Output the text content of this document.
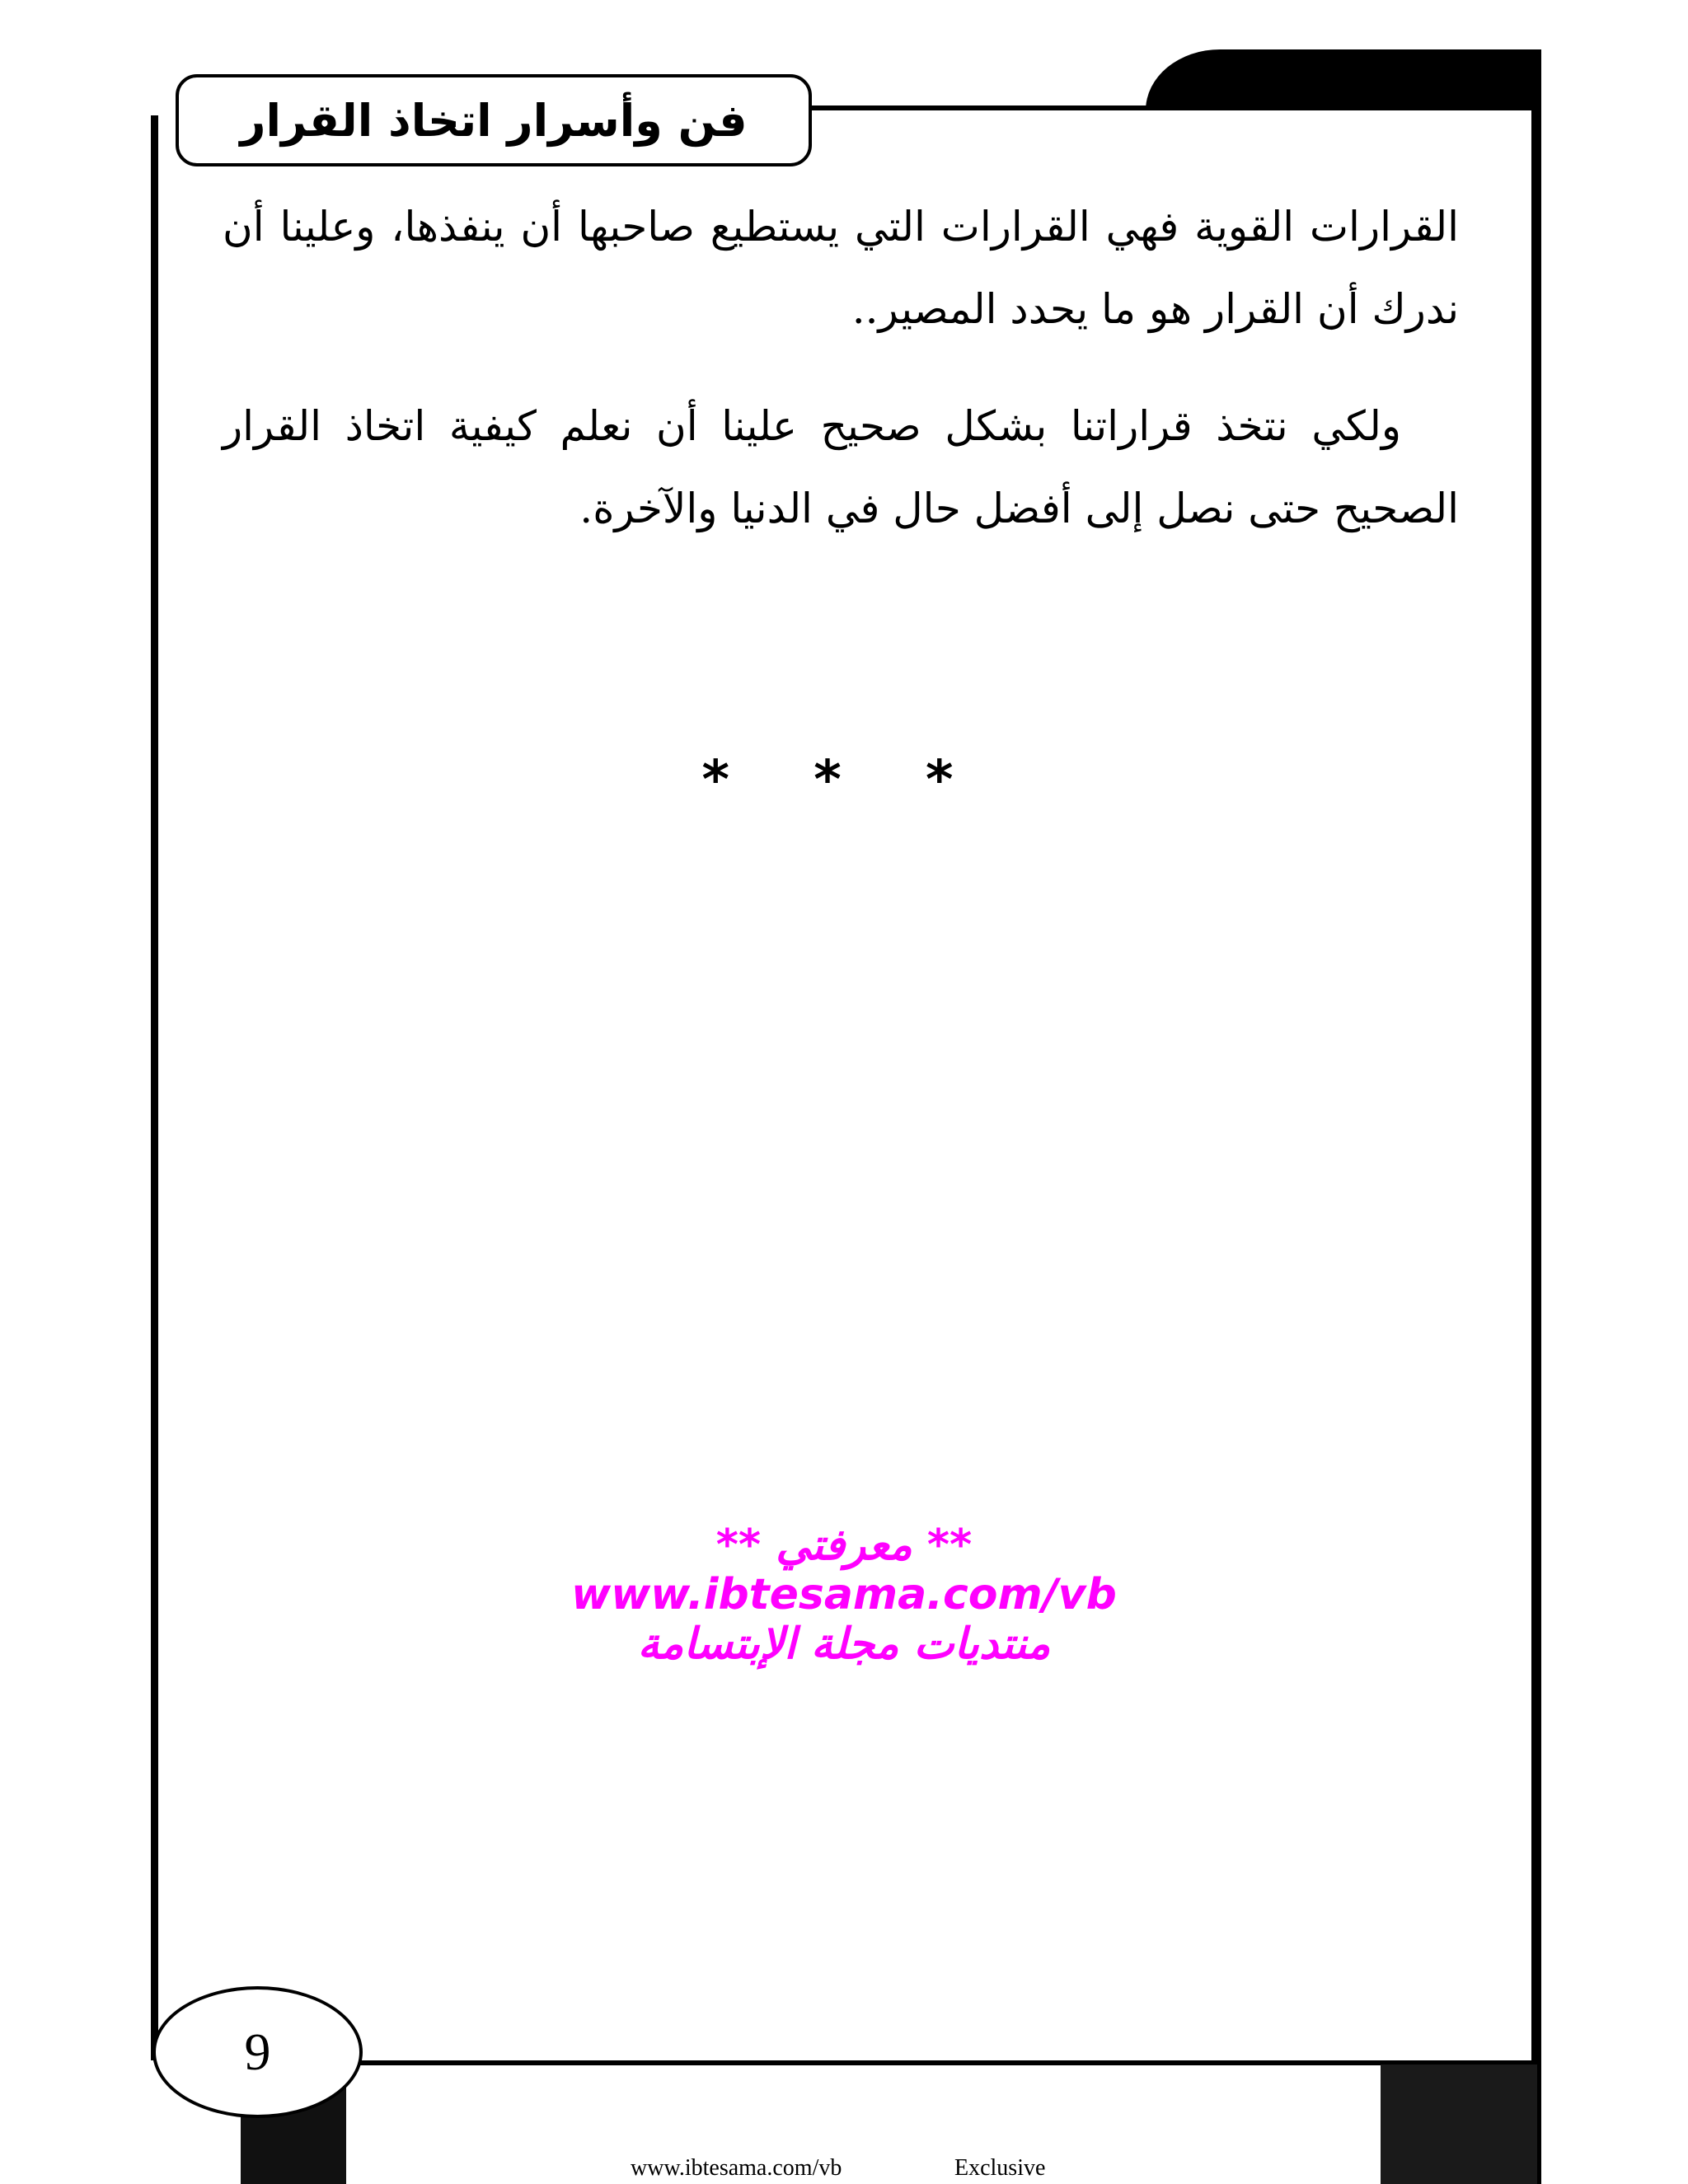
فن وأسرار اتخاذ القرار

القرارات القوية فهي القرارات التي يستطيع صاحبها أن ينفذها، وعلينا أن ندرك أن القرار هو ما يحدد المصير..

ولكي نتخذ قراراتنا بشكل صحيح علينا أن نعلم كيفية اتخاذ القرار الصحيح حتى نصل إلى أفضل حال في الدنيا والآخرة.

* * *
** معرفتي **
www.ibtesama.com/vb
منتديات مجلة الإبتسامة
9
www.ibtesama.com/vb	Exclusive
